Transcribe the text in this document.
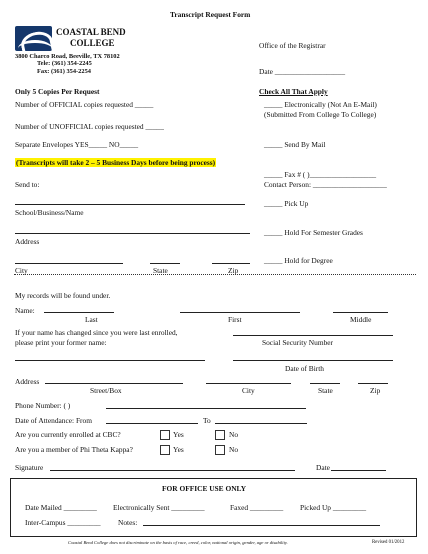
Transcript Request Form
COASTAL BEND
COLLEGE
3800 Charco Road, Beeville, TX 78102
Tele: (361) 354-2245
Fax: (361) 354-2254
Office of the Registrar
Date ___________________
Only 5 Copies Per Request
Number of OFFICIAL copies requested _____
Number of UNOFFICIAL copies requested _____
Separate Envelopes YES_____ NO_____
(Transcripts will take 2 – 5 Business Days before being process)
Send to:
School/Business/Name
Address
City	State	Zip
Check All That Apply
_____ Electronically (Not An E-Mail)
(Submitted From College To College)
_____ Send By Mail
_____ Fax # ( )__________________
Contact Person: ____________________
_____ Pick Up
_____ Hold For Semester Grades
_____ Hold for Degree
My records will be found under.
Name:
Last	First	Middle
If your name has changed since you were last enrolled,
please print your former name:	Social Security Number
Date of Birth
Address
Street/Box	City	State	Zip
Phone Number: ( )
Date of Attendance: From	To
Are you currently enrolled at CBC?	Yes	No
Are you a member of Phi Theta Kappa?	Yes	No
Signature	Date
FOR OFFICE USE ONLY
Date Mailed _________ Electronically Sent _________	Faxed _________ Picked Up _________
Inter-Campus _________ Notes:
Coastal Bend College does not discriminate on the basis of race, creed, color, national origin, gender, age or disability.	Revised 01/2012
